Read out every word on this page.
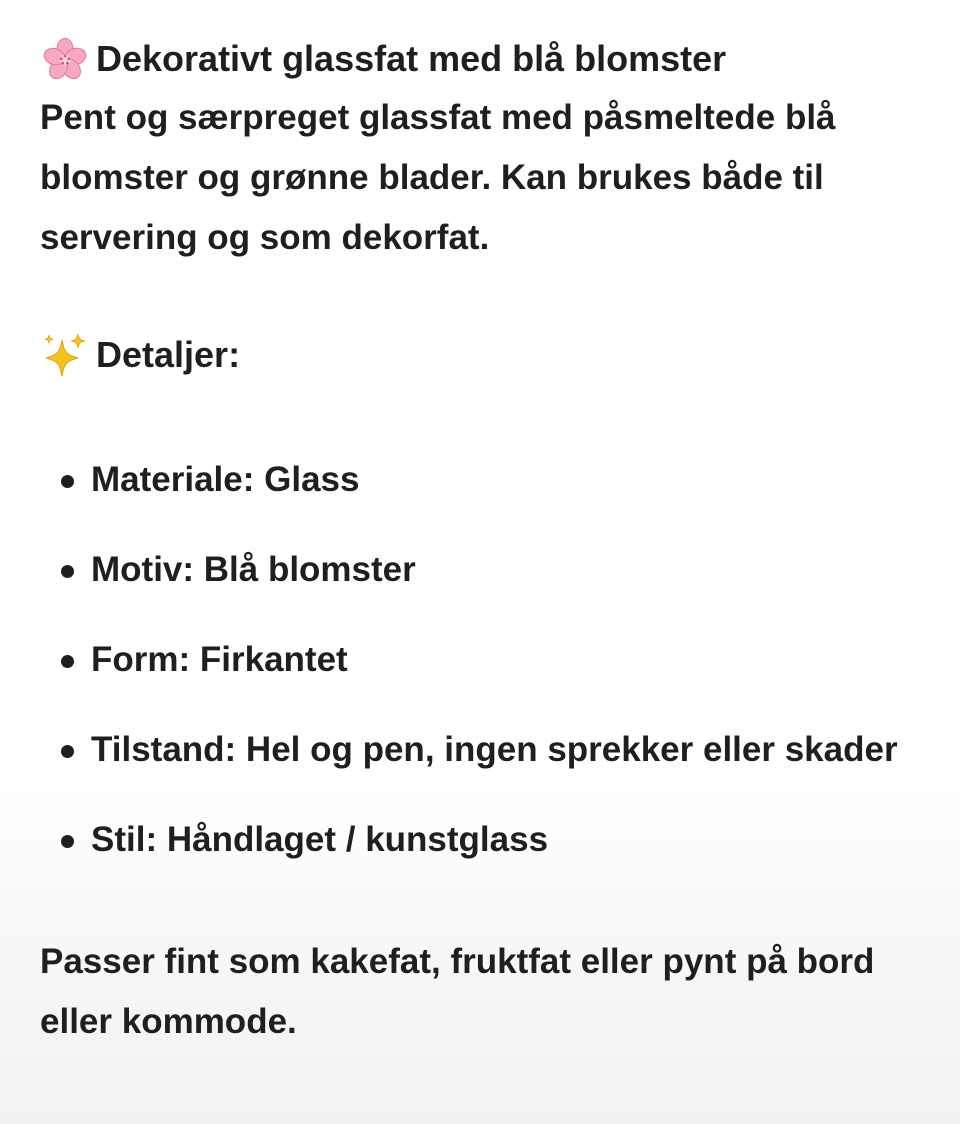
Dekorativt glassfat med blå blomster
Pent og særpreget glassfat med påsmeltede blå blomster og grønne blader. Kan brukes både til servering og som dekorfat.
Detaljer:
Materiale: Glass
Motiv: Blå blomster
Form: Firkantet
Tilstand: Hel og pen, ingen sprekker eller skader
Stil: Håndlaget / kunstglass
Passer fint som kakefat, fruktfat eller pynt på bord eller kommode.
